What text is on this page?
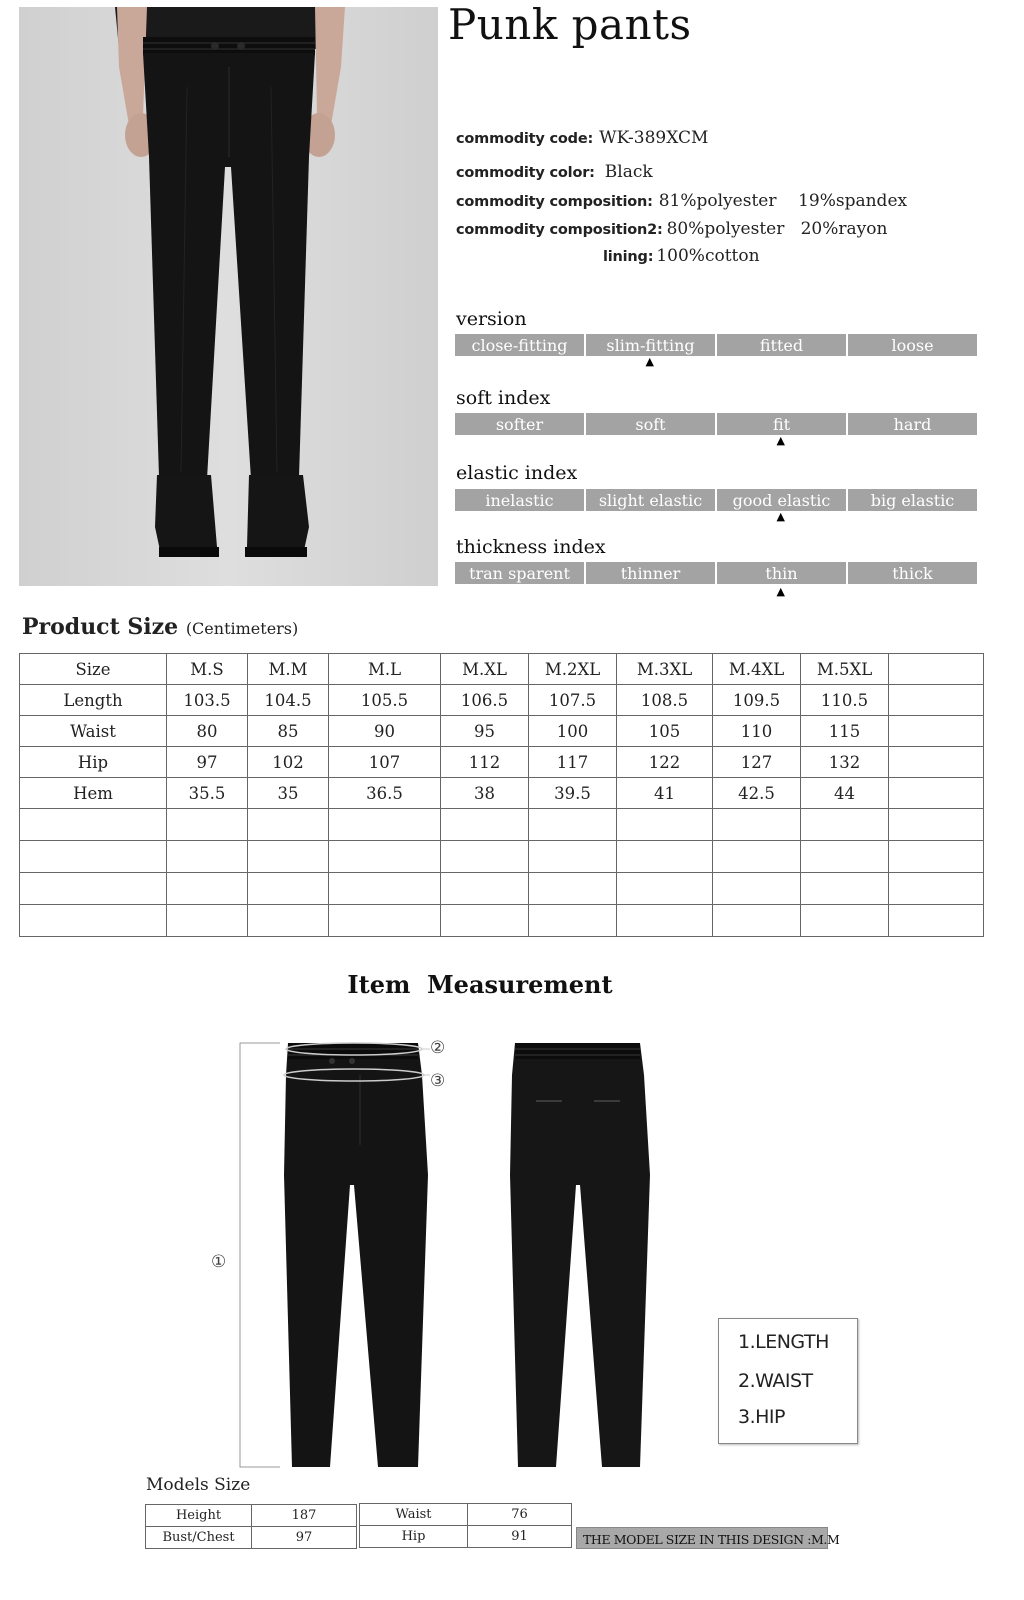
Punk pants
commodity code: WK-389XCM
commodity color: Black
commodity composition: 81%polyester    19%spandex
commodity composition2: 80%polyester   20%rayon
lining: 100%cotton
version
close-fitting	slim-fitting	fitted	loose
▲
soft index
softer	soft	fit	hard
▲
elastic index
inelastic	slight elastic	good elastic	big elastic
▲
thickness index
tran sparent	thinner	thin	thick
▲
Product Size (Centimeters)
Size	M.S	M.M	M.L	M.XL	M.2XL	M.3XL	M.4XL	M.5XL	
Length	103.5	104.5	105.5	106.5	107.5	108.5	109.5	110.5	
Waist	80	85	90	95	100	105	110	115	
Hip	97	102	107	112	117	122	127	132	
Hem	35.5	35	36.5	38	39.5	41	42.5	44	

Item  Measurement
①
②
③
1.LENGTH
2.WAIST
3.HIP
Models Size
Height	187
Bust/Chest	97
Waist	76
Hip	91	THE MODEL SIZE IN THIS DESIGN :M.M
